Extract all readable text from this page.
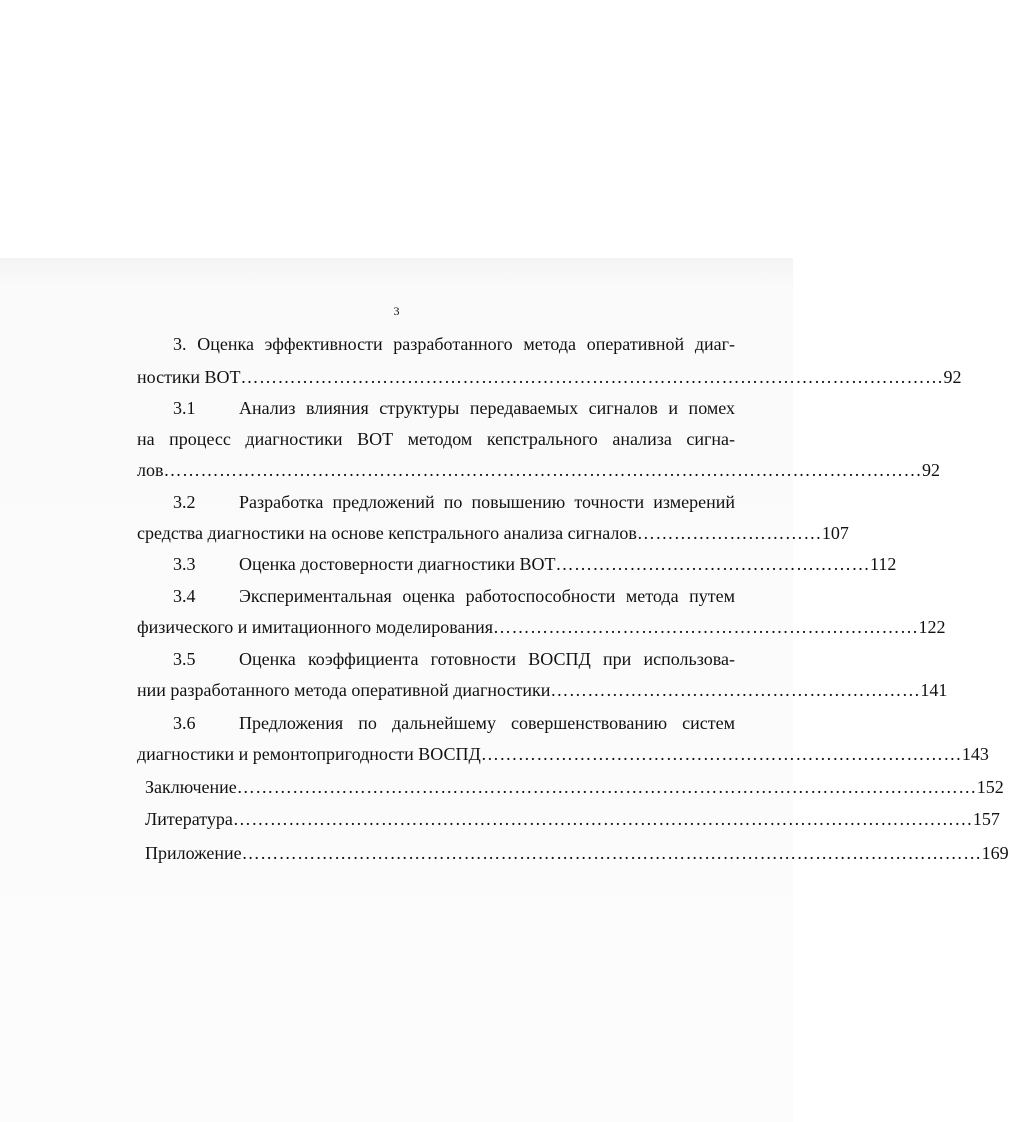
3
3. Оценка эффективности разработанного метода оперативной диаг-
ностики ВОТ …………………………………………………………………………………………………… 92
3.1 Анализ влияния структуры передаваемых сигналов и помех
на процесс диагностики ВОТ методом кепстрального анализа сигна-
лов …………………………………………………………………………………………………………… 92
3.2 Разработка предложений по повышению точности измерений
средства диагностики на основе кепстрального анализа сигналов ………………………… 107
3.3 Оценка достоверности диагностики ВОТ …………………………………………… 112
3.4 Экспериментальная оценка работоспособности метода путем
физического и имитационного моделирования …………………………………………………………… 122
3.5 Оценка коэффициента готовности ВОСПД при использова-
нии разработанного метода оперативной диагностики …………………………………………………… 141
3.6 Предложения по дальнейшему совершенствованию систем
диагностики и ремонтопригодности ВОСПД …………………………………………………………………… 143
Заключение ………………………………………………………………………………………………………… 152
Литература ………………………………………………………………………………………………………… 157
Приложение ………………………………………………………………………………………………………… 169
